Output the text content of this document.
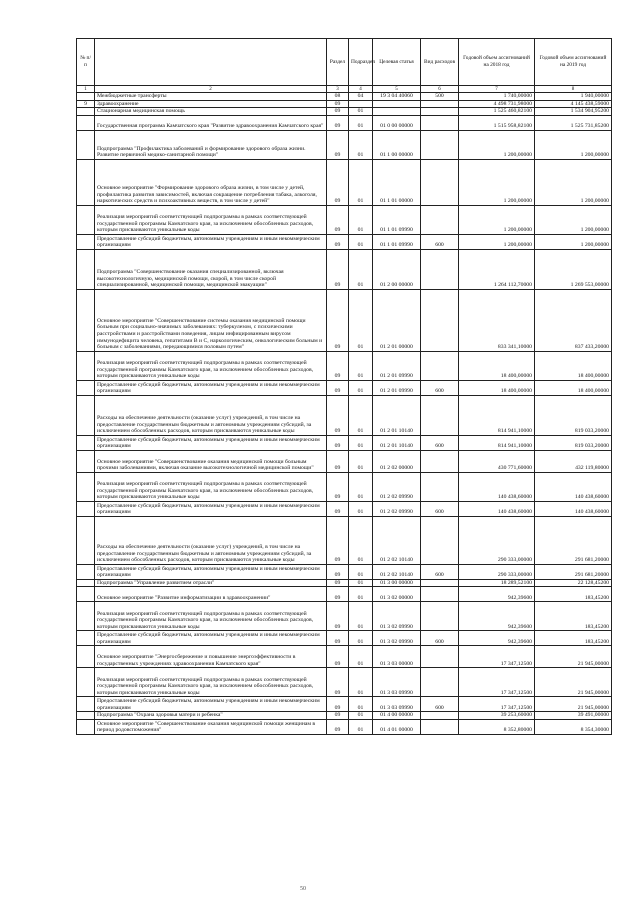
№ п/п		Раздел	Подраздел	Целевая статья	Вид расходов	Годовой объем ассигнований на 2018 год	Годовой объем ассигнований на 2019 год
1	2	3	4	5	6	7	8
	Межбюджетные трансферты	08	04	19 3 04 40060	500	1 740,00000	1 940,00000
9	Здравоохранение	09				4 498 731,98000	4 145 438,59000
	Стационарная медицинская помощь	09	01			1 525 460,82100	1 534 904,95200
	Государственная программа Камчатского края "Развитие здравоохранения Камчатского края"	09	01	01 0 00 00000		1 515 958,82100	1 525 731,85200
	Подпрограмма "Профилактика заболеваний и формирование здорового образа жизни. Развитие первичной медико-санитарной помощи"	09	01	01 1 00 00000		1 200,00000	1 200,00000
	Основное мероприятие "Формирование здорового образа жизни, в том числе у детей, профилактика развития зависимостей, включая сокращение потребления табака, алкоголя, наркотических средств и психоактивных веществ, в том числе у детей"	09	01	01 1 01 00000		1 200,00000	1 200,00000
	Реализация мероприятий соответствующей подпрограммы в рамках соответствующей государственной программы Камчатского края, за исключением обособленных расходов, которым присваиваются уникальные коды	09	01	01 1 01 09990		1 200,00000	1 200,00000
	Предоставление субсидий бюджетным, автономным учреждениям и иным некоммерческим организациям	09	01	01 1 01 09990	600	1 200,00000	1 200,00000
	Подпрограмма "Совершенствование оказания специализированной, включая высокотехнологичную, медицинской помощи, скорой, в том числе скорой специализированной, медицинской помощи, медицинской эвакуации"	09	01	01 2 00 00000		1 264 112,70000	1 269 553,00000
	Основное мероприятие "Совершенствование системы оказания медицинской помощи больным при социально-значимых заболеваниях: туберкулезом, с психическими расстройствами и расстройствами поведения, лицам инфицированным вирусом иммунодефицита человека, гепатитами В и С, наркологическим, онкологическим больным и больным с заболеваниями, передающимися половым путем"	09	01	01 2 01 00000		833 341,10000	837 433,20000
	Реализация мероприятий соответствующей подпрограммы в рамках соответствующей государственной программы Камчатского края, за исключением обособленных расходов, которым присваиваются уникальные коды	09	01	01 2 01 09990		18 400,00000	18 400,00000
	Предоставление субсидий бюджетным, автономным учреждениям и иным некоммерческим организациям	09	01	01 2 01 09990	600	18 400,00000	18 400,00000
	Расходы на обеспечение деятельности (оказание услуг) учреждений, в том числе на предоставление государственным бюджетным и автономным учреждениям субсидий, за исключением обособленных расходов, которым присваиваются уникальные коды	09	01	01 2 01 10140		814 941,10000	819 033,20000
	Предоставление субсидий бюджетным, автономным учреждениям и иным некоммерческим организациям	09	01	01 2 01 10140	600	814 941,10000	819 033,20000
	Основное мероприятие "Совершенствование оказания медицинской помощи больным прочими заболеваниями, включая оказание высокотехнологичной медицинской помощи"	09	01	01 2 02 00000		430 771,60000	432 119,80000
	Реализация мероприятий соответствующей подпрограммы в рамках соответствующей государственной программы Камчатского края, за исключением обособленных расходов, которым присваиваются уникальные коды	09	01	01 2 02 09990		140 438,60000	140 438,60000
	Предоставление субсидий бюджетным, автономным учреждениям и иным некоммерческим организациям	09	01	01 2 02 09990	600	140 438,60000	140 438,60000
	Расходы на обеспечение деятельности (оказание услуг) учреждений, в том числе на предоставление государственным бюджетным и автономным учреждениям субсидий, за исключением обособленных расходов, которым присваиваются уникальные коды	09	01	01 2 02 10140		290 333,00000	291 681,20000
	Предоставление субсидий бюджетным, автономным учреждениям и иным некоммерческим организациям	09	01	01 2 02 10140	600	290 333,00000	291 681,20000
	Подпрограмма "Управление развитием отрасли"	09	01	01 3 00 00000		18 289,52100	22 128,45200
	Основное мероприятие "Развитие информатизации в здравоохранении"	09	01	01 3 02 00000		942,39600	183,45200
	Реализация мероприятий соответствующей подпрограммы в рамках соответствующей государственной программы Камчатского края, за исключением обособленных расходов, которым присваиваются уникальные коды	09	01	01 3 02 09990		942,39600	183,45200
	Предоставление субсидий бюджетным, автономным учреждениям и иным некоммерческим организациям	09	01	01 3 02 09990	600	942,39600	183,45200
	Основное мероприятие "Энергосбережение и повышение энергоэффективности в государственных учреждениях здравоохранения Камчатского края"	09	01	01 3 03 00000		17 347,12500	21 945,00000
	Реализация мероприятий соответствующей подпрограммы в рамках соответствующей государственной программы Камчатского края, за исключением обособленных расходов, которым присваиваются уникальные коды	09	01	01 3 03 09990		17 347,12500	21 945,00000
	Предоставление субсидий бюджетным, автономным учреждениям и иным некоммерческим организациям	09	01	01 3 03 09990	600	17 347,12500	21 945,00000
	Подпрограмма "Охрана здоровья матери и ребенка"	09	01	01 4 00 00000		39 253,60000	39 491,00000
	Основное мероприятие "Совершенствование оказания медицинской помощи женщинам в период родовспоможения"	09	01	01 4 01 00000		8 352,80000	8 354,30000
50
